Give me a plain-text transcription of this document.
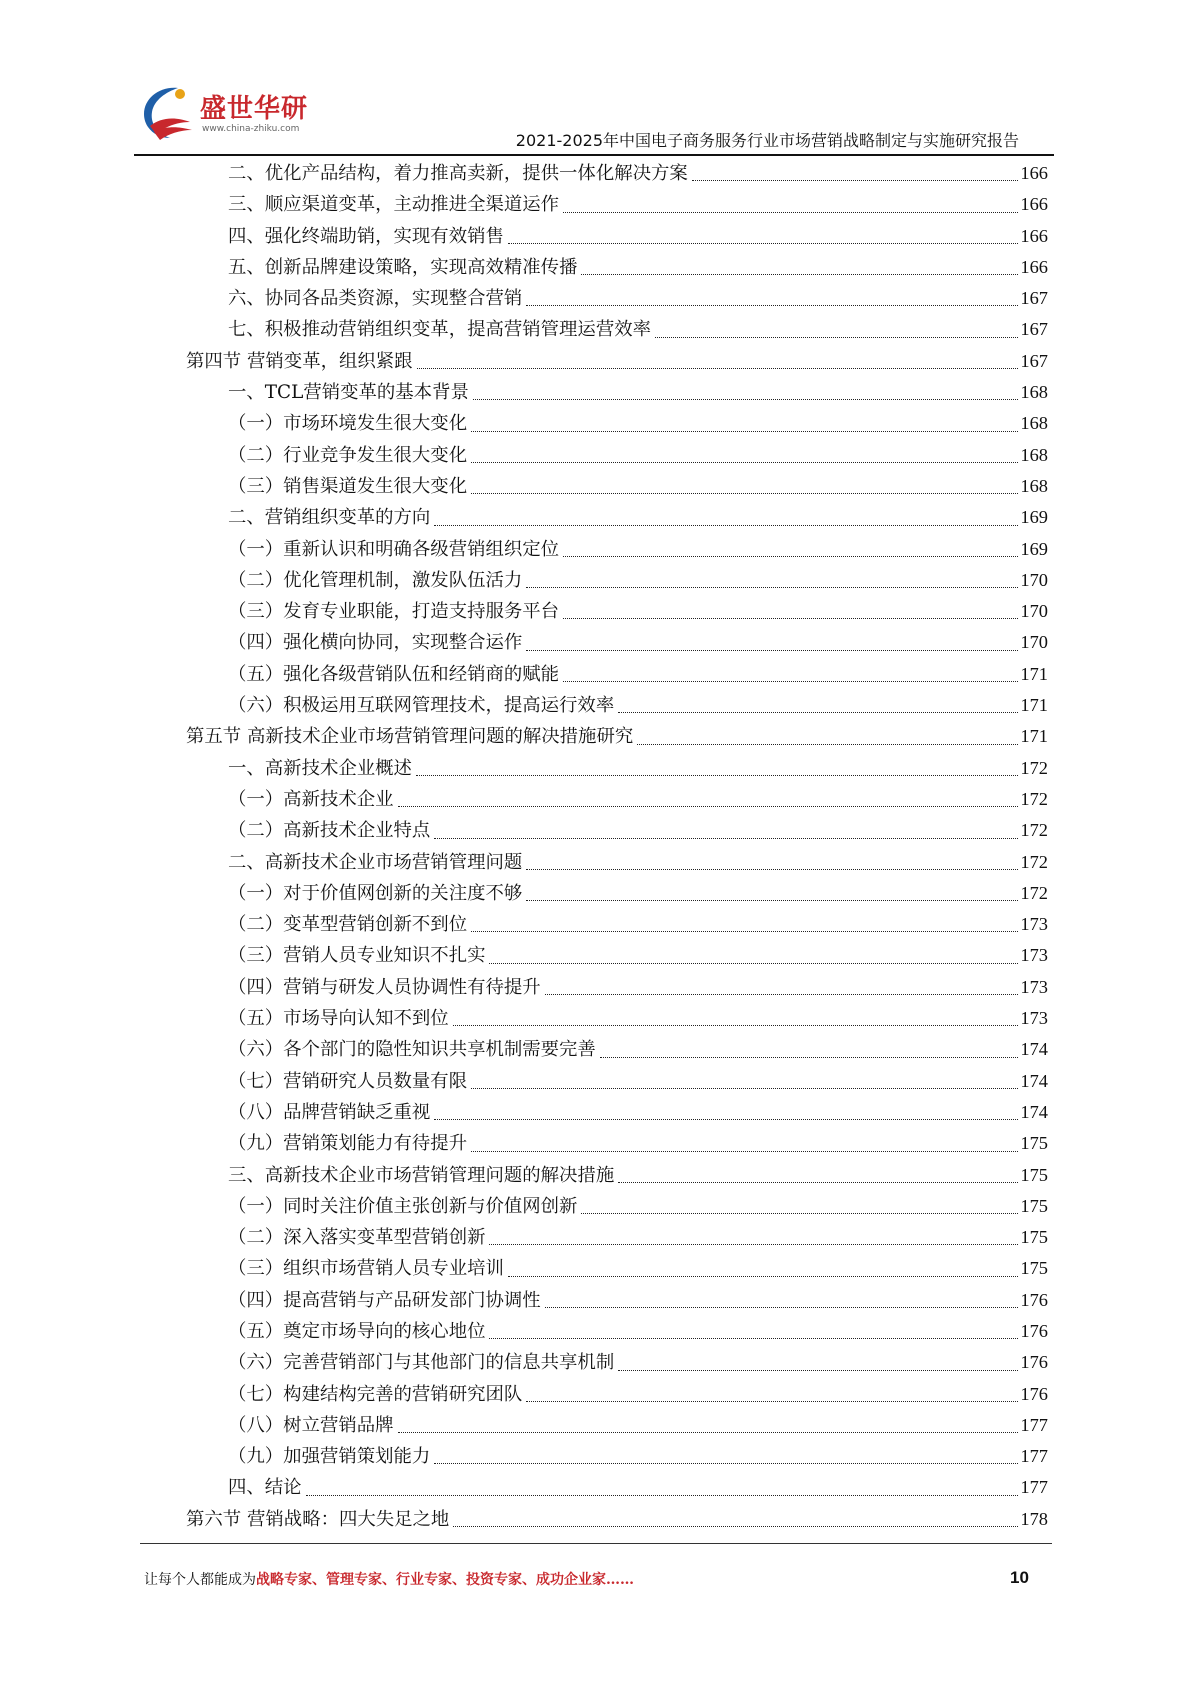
盛世华研
www.china-zhiku.com
2021-2025年中国电子商务服务行业市场营销战略制定与实施研究报告
二、优化产品结构，着力推高卖新，提供一体化解决方案	166
三、顺应渠道变革，主动推进全渠道运作	166
四、强化终端助销，实现有效销售	166
五、创新品牌建设策略，实现高效精准传播	166
六、协同各品类资源，实现整合营销	167
七、积极推动营销组织变革，提高营销管理运营效率	167
第四节 营销变革，组织紧跟	167
一、TCL营销变革的基本背景	168
（一）市场环境发生很大变化	168
（二）行业竞争发生很大变化	168
（三）销售渠道发生很大变化	168
二、营销组织变革的方向	169
（一）重新认识和明确各级营销组织定位	169
（二）优化管理机制，激发队伍活力	170
（三）发育专业职能，打造支持服务平台	170
（四）强化横向协同，实现整合运作	170
（五）强化各级营销队伍和经销商的赋能	171
（六）积极运用互联网管理技术，提高运行效率	171
第五节 高新技术企业市场营销管理问题的解决措施研究	171
一、高新技术企业概述	172
（一）高新技术企业	172
（二）高新技术企业特点	172
二、高新技术企业市场营销管理问题	172
（一）对于价值网创新的关注度不够	172
（二）变革型营销创新不到位	173
（三）营销人员专业知识不扎实	173
（四）营销与研发人员协调性有待提升	173
（五）市场导向认知不到位	173
（六）各个部门的隐性知识共享机制需要完善	174
（七）营销研究人员数量有限	174
（八）品牌营销缺乏重视	174
（九）营销策划能力有待提升	175
三、高新技术企业市场营销管理问题的解决措施	175
（一）同时关注价值主张创新与价值网创新	175
（二）深入落实变革型营销创新	175
（三）组织市场营销人员专业培训	175
（四）提高营销与产品研发部门协调性	176
（五）奠定市场导向的核心地位	176
（六）完善营销部门与其他部门的信息共享机制	176
（七）构建结构完善的营销研究团队	176
（八）树立营销品牌	177
（九）加强营销策划能力	177
四、结论	177
第六节 营销战略：四大失足之地	178
让每个人都能成为战略专家、管理专家、行业专家、投资专家、成功企业家……	10
